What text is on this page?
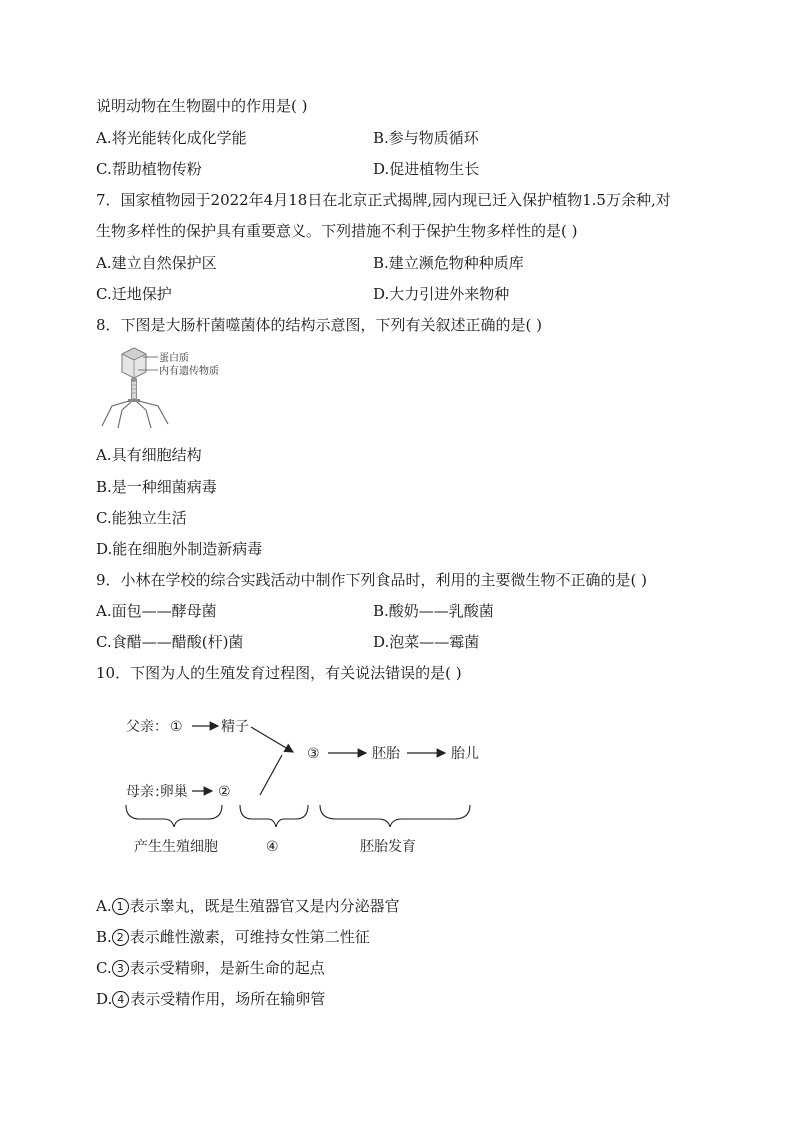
说明动物在生物圈中的作用是( )
A.将光能转化成化学能	B.参与物质循环
C.帮助植物传粉	D.促进植物生长
7．国家植物园于2022年4月18日在北京正式揭牌,园内现已迁入保护植物1.5万余种,对
生物多样性的保护具有重要意义。下列措施不利于保护生物多样性的是( )
A.建立自然保护区	B.建立濒危物种种质库
C.迁地保护	D.大力引进外来物种
8．下图是大肠杆菌噬菌体的结构示意图，下列有关叙述正确的是( )
蛋白质
内有遗传物质
A.具有细胞结构
B.是一种细菌病毒
C.能独立生活
D.能在细胞外制造新病毒
9．小林在学校的综合实践活动中制作下列食品时，利用的主要微生物不正确的是( )
A.面包——酵母菌	B.酸奶——乳酸菌
C.食醋——醋酸(杆)菌	D.泡菜——霉菌
10．下图为人的生殖发育过程图，有关说法错误的是( )
父亲： ①	精子
③	胚胎	胎儿
母亲 :卵巢 ②
产生生殖细胞	④	胚胎发育
A. 1 表示睾丸，既是生殖器官又是内分泌器官
B. 2 表示雌性激素，可维持女性第二性征
C. 3 表示受精卵，是新生命的起点
D. 4 表示受精作用，场所在输卵管
